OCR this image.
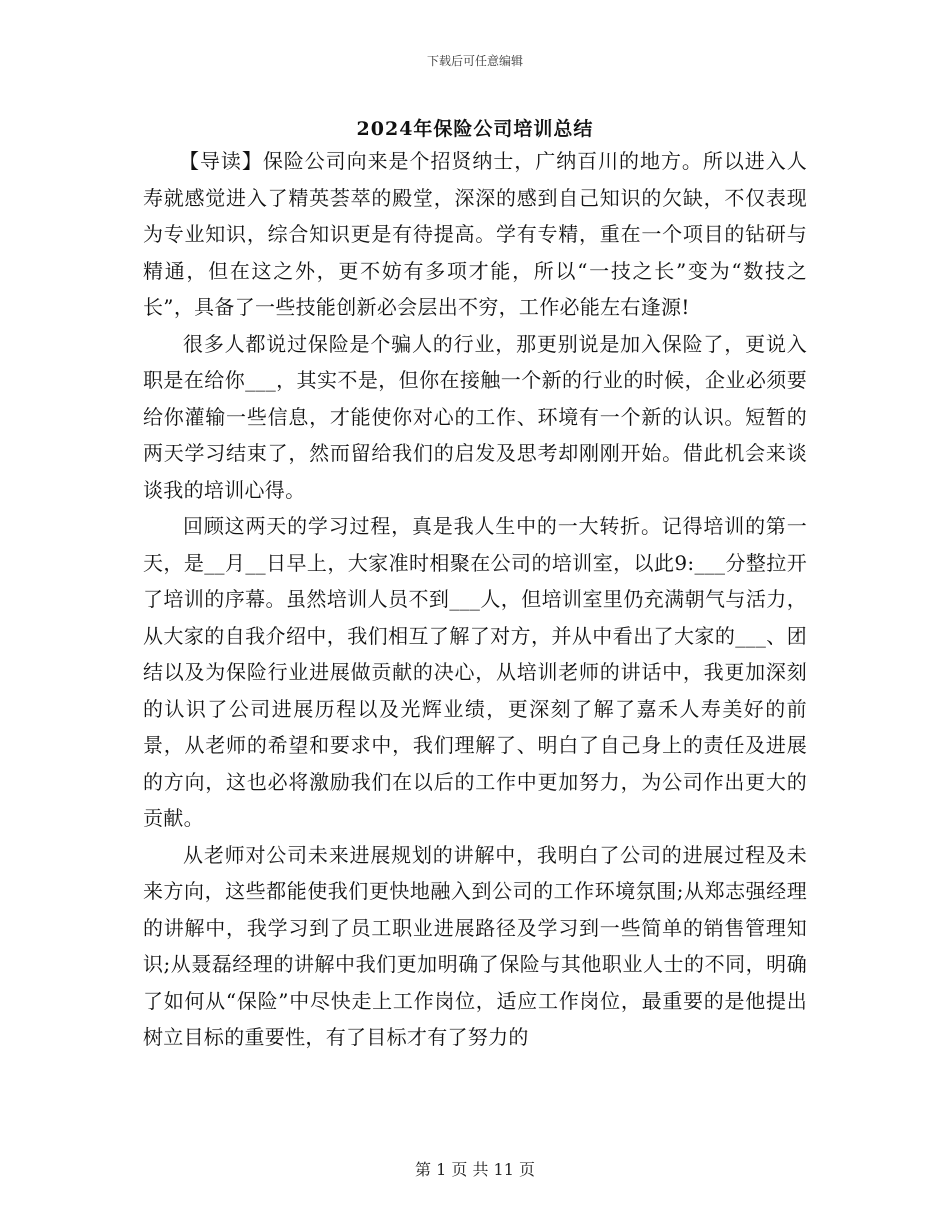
下载后可任意编辑
2024年保险公司培训总结

【导读】保险公司向来是个招贤纳士，广纳百川的地方。所以进入人寿就感觉进入了精英荟萃的殿堂，深深的感到自己知识的欠缺，不仅表现为专业知识，综合知识更是有待提高。学有专精，重在一个项目的钻研与精通，但在这之外，更不妨有多项才能，所以“一技之长”变为“数技之长”，具备了一些技能创新必会层出不穷，工作必能左右逢源!

很多人都说过保险是个骗人的行业，那更别说是加入保险了，更说入职是在给你___，其实不是，但你在接触一个新的行业的时候，企业必须要给你灌输一些信息，才能使你对心的工作、环境有一个新的认识。短暂的两天学习结束了，然而留给我们的启发及思考却刚刚开始。借此机会来谈谈我的培训心得。

回顾这两天的学习过程，真是我人生中的一大转折。记得培训的第一天，是__月__日早上，大家准时相聚在公司的培训室，以此9:___分整拉开了培训的序幕。虽然培训人员不到___人，但培训室里仍充满朝气与活力，从大家的自我介绍中，我们相互了解了对方，并从中看出了大家的___、团结以及为保险行业进展做贡献的决心，从培训老师的讲话中，我更加深刻的认识了公司进展历程以及光辉业绩，更深刻了解了嘉禾人寿美好的前景，从老师的希望和要求中，我们理解了、明白了自己身上的责任及进展的方向，这也必将激励我们在以后的工作中更加努力，为公司作出更大的贡献。

从老师对公司未来进展规划的讲解中，我明白了公司的进展过程及未来方向，这些都能使我们更快地融入到公司的工作环境氛围;从郑志强经理的讲解中，我学习到了员工职业进展路径及学习到一些简单的销售管理知识;从聂磊经理的讲解中我们更加明确了保险与其他职业人士的不同，明确了如何从“保险”中尽快走上工作岗位，适应工作岗位，最重要的是他提出树立目标的重要性，有了目标才有了努力的

第 1 页 共 11 页
